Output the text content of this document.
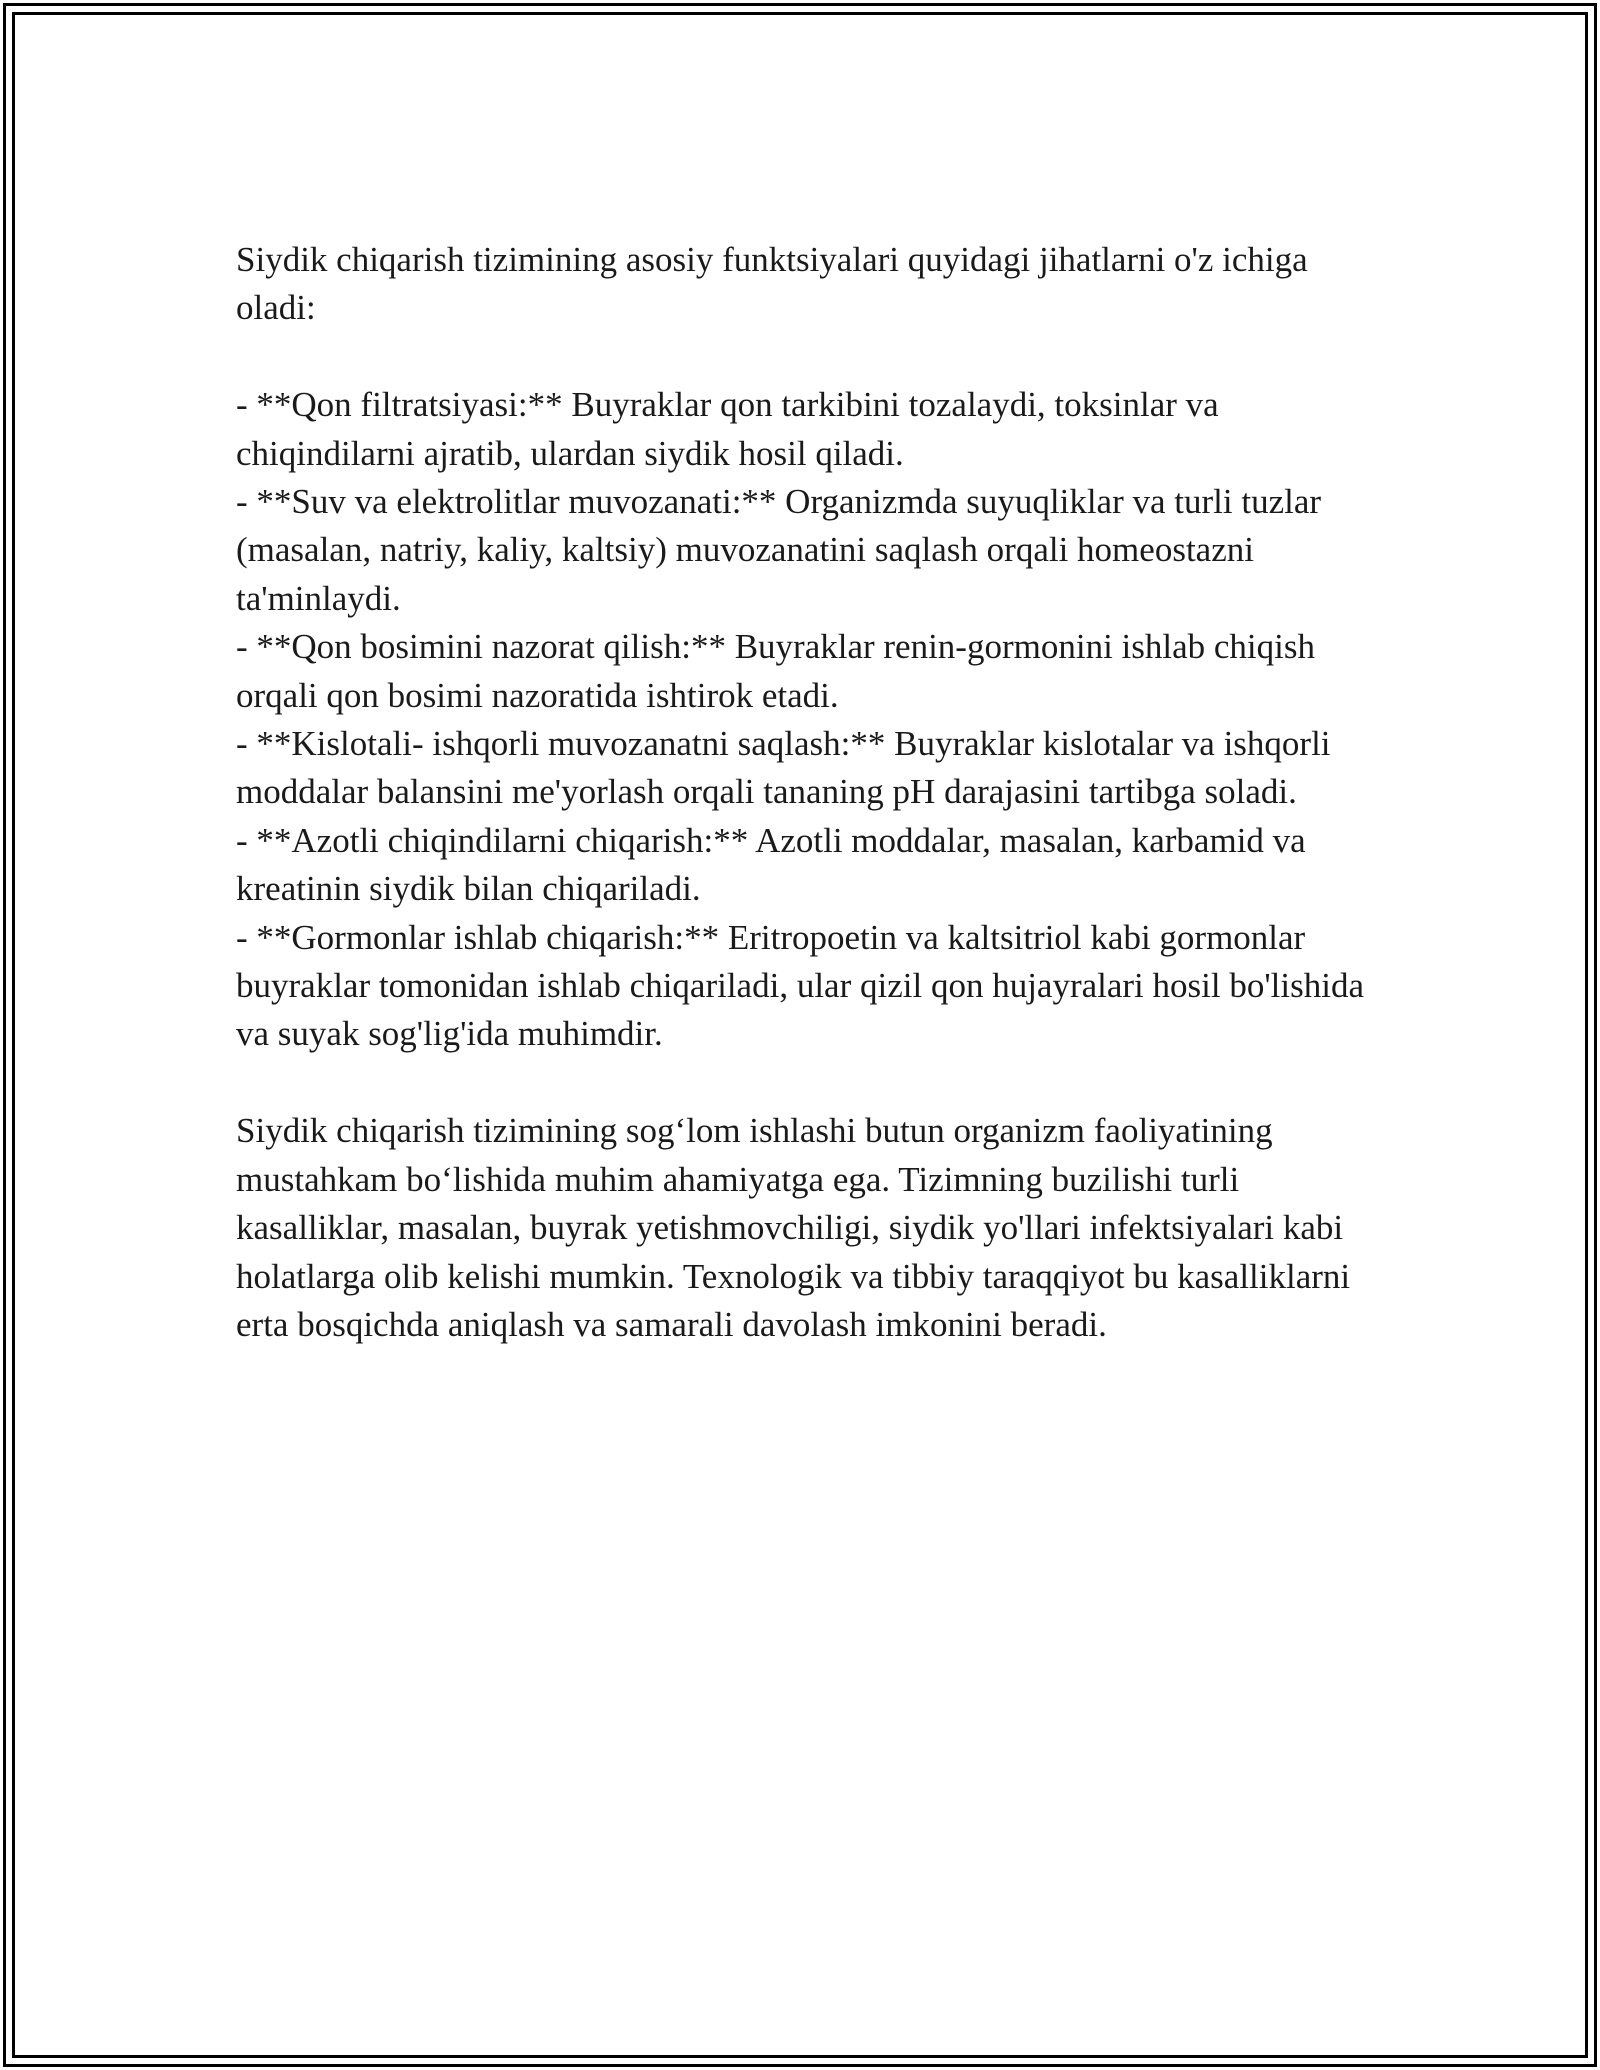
Siydik chiqarish tizimining asosiy funktsiyalari quyidagi jihatlarni o'z ichiga oladi:

- **Qon filtratsiyasi:** Buyraklar qon tarkibini tozalaydi, toksinlar va chiqindilarni ajratib, ulardan siydik hosil qiladi.

- **Suv va elektrolitlar muvozanati:** Organizmda suyuqliklar va turli tuzlar (masalan, natriy, kaliy, kaltsiy) muvozanatini saqlash orqali homeostazni ta'minlaydi.

- **Qon bosimini nazorat qilish:** Buyraklar renin-gormonini ishlab chiqish orqali qon bosimi nazoratida ishtirok etadi.

- **Kislotali- ishqorli muvozanatni saqlash:** Buyraklar kislotalar va ishqorli moddalar balansini me'yorlash orqali tananing pH darajasini tartibga soladi.

- **Azotli chiqindilarni chiqarish:** Azotli moddalar, masalan, karbamid va kreatinin siydik bilan chiqariladi.

- **Gormonlar ishlab chiqarish:** Eritropoetin va kaltsitriol kabi gormonlar buyraklar tomonidan ishlab chiqariladi, ular qizil qon hujayralari hosil bo'lishida va suyak sog'lig'ida muhimdir.

Siydik chiqarish tizimining sog‘lom ishlashi butun organizm faoliyatining mustahkam bo‘lishida muhim ahamiyatga ega. Tizimning buzilishi turli kasalliklar, masalan, buyrak yetishmovchiligi, siydik yo'llari infektsiyalari kabi holatlarga olib kelishi mumkin. Texnologik va tibbiy taraqqiyot bu kasalliklarni erta bosqichda aniqlash va samarali davolash imkonini beradi.
